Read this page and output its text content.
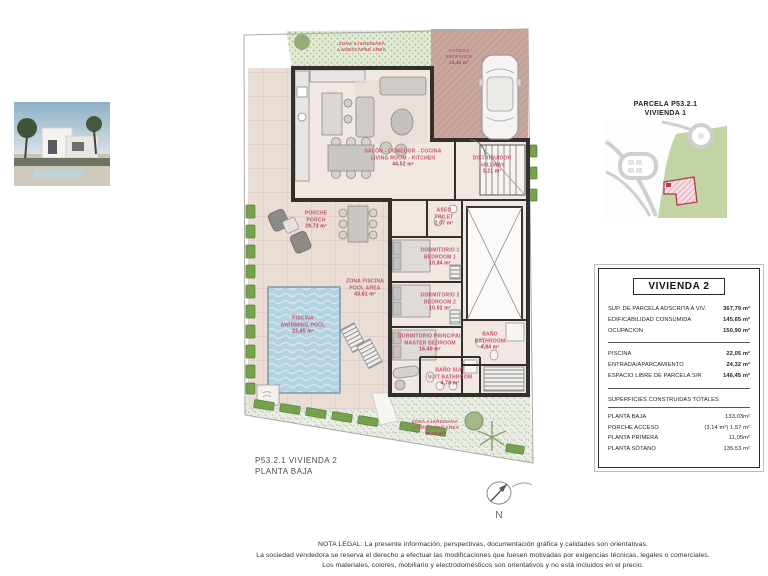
SALÓN - COMEDOR - COCINA
LIVING ROOM - KITCHEN
44,52 m²
DISTRIBUIDOR
HALLWAY
3,21 m²
ASEO
TOILET
2,07 m²
DORMITORIO 1
BEDROOM 1
10,84 m²
DORMITORIO 2
BEDROOM 2
10,02 m²
DORMITORIO PRINCIPAL
MASTER BEDROOM
16,40 m²
BAÑO SUIT
SUIT BATHROOM
4,78 m²
BAÑO
BATHROOM
4,84 m²
PORCHE
PORCH
29,73 m²
ZONA PISCINA
POOL AREA
43,61 m²
PISCINA
SWIMMING POOL
22,05 m²
ACCESO
ENTRANCE
24,32 m²
ZONA AJARDINADA
LANDSCAPED AREA
ZONA AJARDINADA
LANDSCAPED AREA
46,22 m²
PARCELA P53.2.1
VIVIENDA 1
VIVIENDA 2
SUP. DE PARCELA ADSCRITA A VIV.	367,79 m²
EDIFICABILIDAD CONSUMIDA	145,65 m²
OCUPACION	150,90 m²
PISCINA	22,05 m²
ENTRADA/APARCAMIENTO	24,32 m²
ESPACIO LIBRE DE PARCELA S/R	146,45 m²
SUPERFICIES CONSTRUIDAS TOTALES
PLANTA BAJA	133,03m²
PORCHE ACCESO	(3,14 m²) 1,57 m²
PLANTA PRIMERA	11,05m²
PLANTA SÓTANO	135,53 m²
P53.2.1 VIVIENDA 2
PLANTA BAJA
N
NOTA LEGAL: La presente información, perspectivas, documentación gráfica y calidades son orientativas.
La sociedad vendedora se reserva el derecho a efectuar las modificaciones que fuesen motivadas por exigencias técnicas, legales o comerciales.
Los materiales, colores, mobiliario y electrodomésticos son orientativos y no está incluidos en el precio.
